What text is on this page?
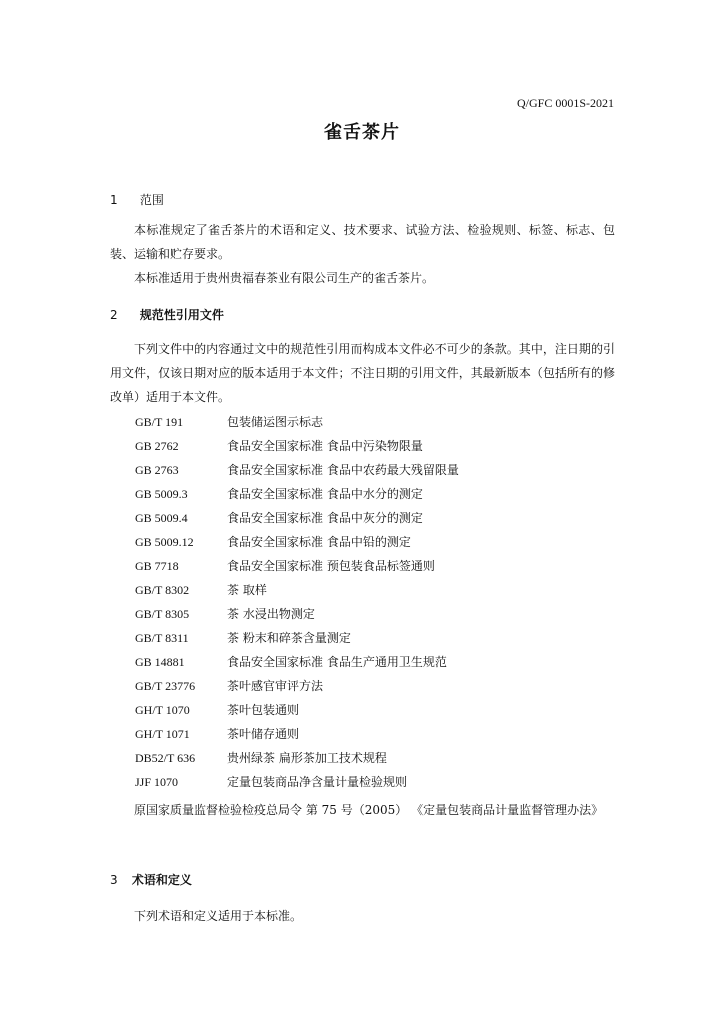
Q/GFC 0001S-2021
雀舌茶片
1 范围
本标准规定了雀舌茶片的术语和定义、技术要求、试验方法、检验规则、标签、标志、包装、运输和贮存要求。
本标准适用于贵州贵福春茶业有限公司生产的雀舌茶片。
2 规范性引用文件
下列文件中的内容通过文中的规范性引用而构成本文件必不可少的条款。其中，注日期的引用文件，仅该日期对应的版本适用于本文件；不注日期的引用文件，其最新版本（包括所有的修改单）适用于本文件。
GB/T 191	包装储运图示标志
GB 2762	食品安全国家标准 食品中污染物限量
GB 2763	食品安全国家标准 食品中农药最大残留限量
GB 5009.3	食品安全国家标准 食品中水分的测定
GB 5009.4	食品安全国家标准 食品中灰分的测定
GB 5009.12	食品安全国家标准 食品中铅的测定
GB 7718	食品安全国家标准 预包装食品标签通则
GB/T 8302	茶 取样
GB/T 8305	茶 水浸出物测定
GB/T 8311	茶 粉末和碎茶含量测定
GB 14881	食品安全国家标准 食品生产通用卫生规范
GB/T 23776	茶叶感官审评方法
GH/T 1070	茶叶包装通则
GH/T 1071	茶叶储存通则
DB52/T 636	贵州绿茶 扁形茶加工技术规程
JJF 1070	定量包装商品净含量计量检验规则
原国家质量监督检验检疫总局令 第 75 号（2005） 《定量包装商品计量监督管理办法》
3 术语和定义
下列术语和定义适用于本标准。
